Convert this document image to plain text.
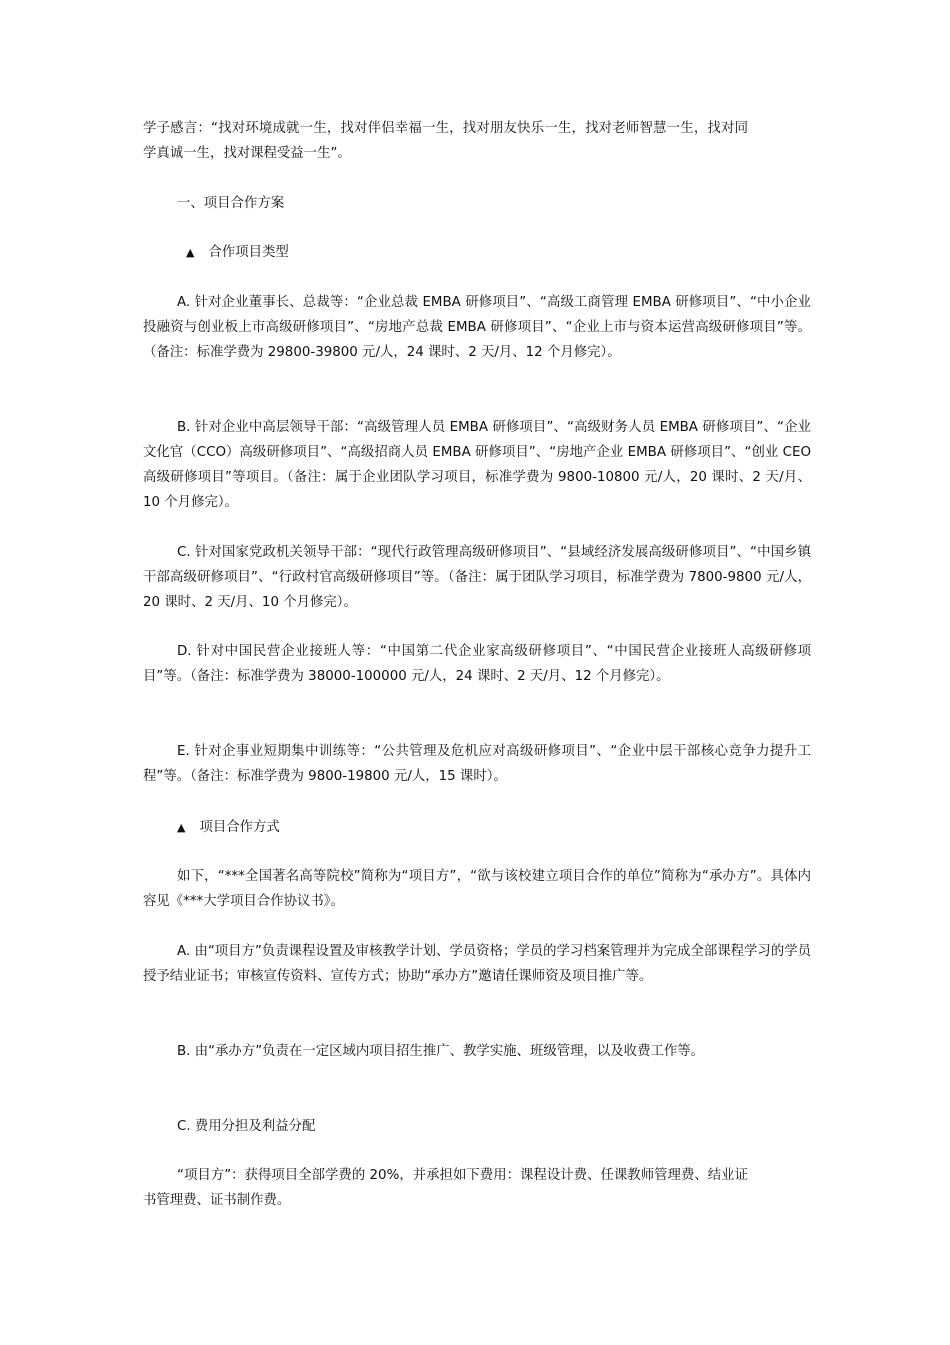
学子感言：“找对环境成就一生，找对伴侣幸福一生，找对朋友快乐一生，找对老师智慧一生，找对同学真诚一生，找对课程受益一生”。

一、项目合作方案

▲ 合作项目类型

A. 针对企业董事长、总裁等：“企业总裁 EMBA 研修项目”、“高级工商管理 EMBA 研修项目”、“中小企业投融资与创业板上市高级研修项目”、“房地产总裁 EMBA 研修项目”、“企业上市与资本运营高级研修项目”等。（备注：标准学费为 29800-39800 元/人，24 课时、2 天/月、12 个月修完）。

B. 针对企业中高层领导干部：“高级管理人员 EMBA 研修项目”、“高级财务人员 EMBA 研修项目”、“企业文化官（CCO）高级研修项目”、“高级招商人员 EMBA 研修项目”、“房地产企业 EMBA 研修项目”、“创业 CEO 高级研修项目”等项目。（备注：属于企业团队学习项目，标准学费为 9800-10800 元/人，20 课时、2 天/月、10 个月修完）。

C. 针对国家党政机关领导干部：“现代行政管理高级研修项目”、“县域经济发展高级研修项目”、“中国乡镇干部高级研修项目”、“行政村官高级研修项目”等。（备注：属于团队学习项目，标准学费为 7800-9800 元/人，20 课时、2 天/月、10 个月修完）。

D. 针对中国民营企业接班人等：“中国第二代企业家高级研修项目”、“中国民营企业接班人高级研修项目”等。（备注：标准学费为 38000-100000 元/人，24 课时、2 天/月、12 个月修完）。

E. 针对企事业短期集中训练等：“公共管理及危机应对高级研修项目”、“企业中层干部核心竞争力提升工程”等。（备注：标准学费为 9800-19800 元/人，15 课时）。

▲ 项目合作方式

如下，“***全国著名高等院校”简称为“项目方”，“欲与该校建立项目合作的单位”简称为“承办方”。具体内容见《***大学项目合作协议书》。

A. 由“项目方”负责课程设置及审核教学计划、学员资格；学员的学习档案管理并为完成全部课程学习的学员授予结业证书；审核宣传资料、宣传方式；协助“承办方”邀请任课师资及项目推广等。

B. 由“承办方”负责在一定区域内项目招生推广、教学实施、班级管理，以及收费工作等。

C. 费用分担及利益分配

“项目方”：获得项目全部学费的 20%，并承担如下费用：课程设计费、任课教师管理费、结业证书管理费、证书制作费。
